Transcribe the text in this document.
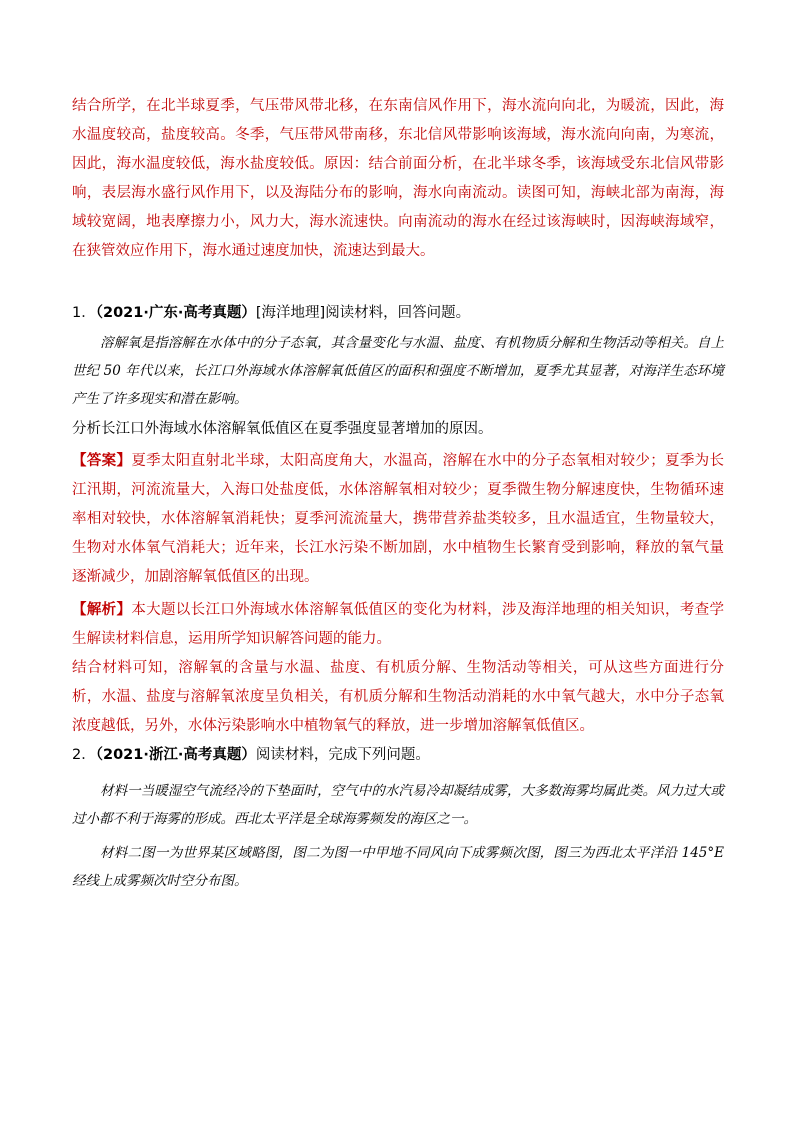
结合所学，在北半球夏季，气压带风带北移，在东南信风作用下，海水流向向北，为暖流，因此，海水温度较高，盐度较高。冬季，气压带风带南移，东北信风带影响该海域，海水流向向南，为寒流，因此，海水温度较低，海水盐度较低。原因：结合前面分析，在北半球冬季，该海域受东北信风带影响，表层海水盛行风作用下，以及海陆分布的影响，海水向南流动。读图可知，海峡北部为南海，海域较宽阔，地表摩擦力小，风力大，海水流速快。向南流动的海水在经过该海峡时，因海峡海域窄，在狭管效应作用下，海水通过速度加快，流速达到最大。

1．（2021·广东·高考真题）[海洋地理]阅读材料，回答问题。

溶解氧是指溶解在水体中的分子态氧，其含量变化与水温、盐度、有机物质分解和生物活动等相关。自上世纪 50 年代以来，长江口外海域水体溶解氧低值区的面积和强度不断增加，夏季尤其显著，对海洋生态环境产生了许多现实和潜在影响。

分析长江口外海域水体溶解氧低值区在夏季强度显著增加的原因。

【答案】夏季太阳直射北半球，太阳高度角大，水温高，溶解在水中的分子态氧相对较少；夏季为长江汛期，河流流量大，入海口处盐度低，水体溶解氧相对较少；夏季微生物分解速度快，生物循环速率相对较快，水体溶解氧消耗快；夏季河流流量大，携带营养盐类较多，且水温适宜，生物量较大，生物对水体氧气消耗大；近年来，长江水污染不断加剧，水中植物生长繁育受到影响，释放的氧气量逐渐减少，加剧溶解氧低值区的出现。

【解析】本大题以长江口外海域水体溶解氧低值区的变化为材料，涉及海洋地理的相关知识，考查学生解读材料信息，运用所学知识解答问题的能力。

结合材料可知，溶解氧的含量与水温、盐度、有机质分解、生物活动等相关，可从这些方面进行分析，水温、盐度与溶解氧浓度呈负相关，有机质分解和生物活动消耗的水中氧气越大，水中分子态氧浓度越低，另外，水体污染影响水中植物氧气的释放，进一步增加溶解氧低值区。

2．（2021·浙江·高考真题）阅读材料，完成下列问题。

材料一当暖湿空气流经冷的下垫面时，空气中的水汽易冷却凝结成雾，大多数海雾均属此类。风力过大或过小都不利于海雾的形成。西北太平洋是全球海雾频发的海区之一。

材料二图一为世界某区域略图，图二为图一中甲地不同风向下成雾频次图，图三为西北太平洋沿 145°E 经线上成雾频次时空分布图。
